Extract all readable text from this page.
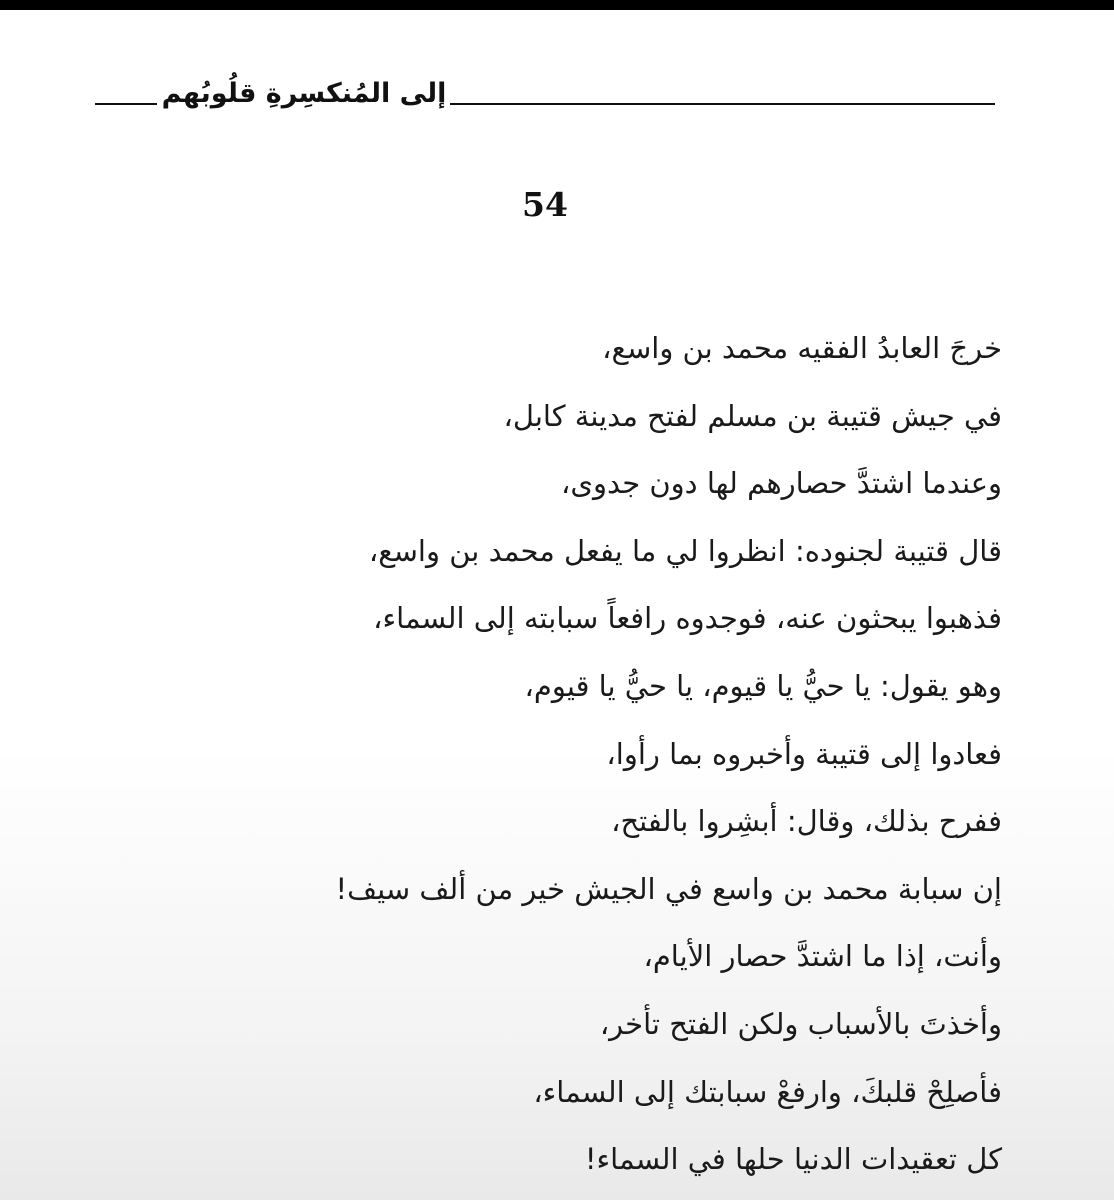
إلى المُنكسِرةِ قلُوبُهم
54
خرجَ العابدُ الفقيه محمد بن واسع،
في جيش قتيبة بن مسلم لفتح مدينة كابل،
وعندما اشتدَّ حصارهم لها دون جدوى،
قال قتيبة لجنوده: انظروا لي ما يفعل محمد بن واسع،
فذهبوا يبحثون عنه، فوجدوه رافعاً سبابته إلى السماء،
وهو يقول: يا حيُّ يا قيوم، يا حيُّ يا قيوم،
فعادوا إلى قتيبة وأخبروه بما رأوا،
ففرح بذلك، وقال: أبشِروا بالفتح،
إن سبابة محمد بن واسع في الجيش خير من ألف سيف!
وأنت، إذا ما اشتدَّ حصار الأيام،
وأخذتَ بالأسباب ولكن الفتح تأخر،
فأصلِحْ قلبكَ، وارفعْ سبابتك إلى السماء،
كل تعقيدات الدنيا حلها في السماء!
